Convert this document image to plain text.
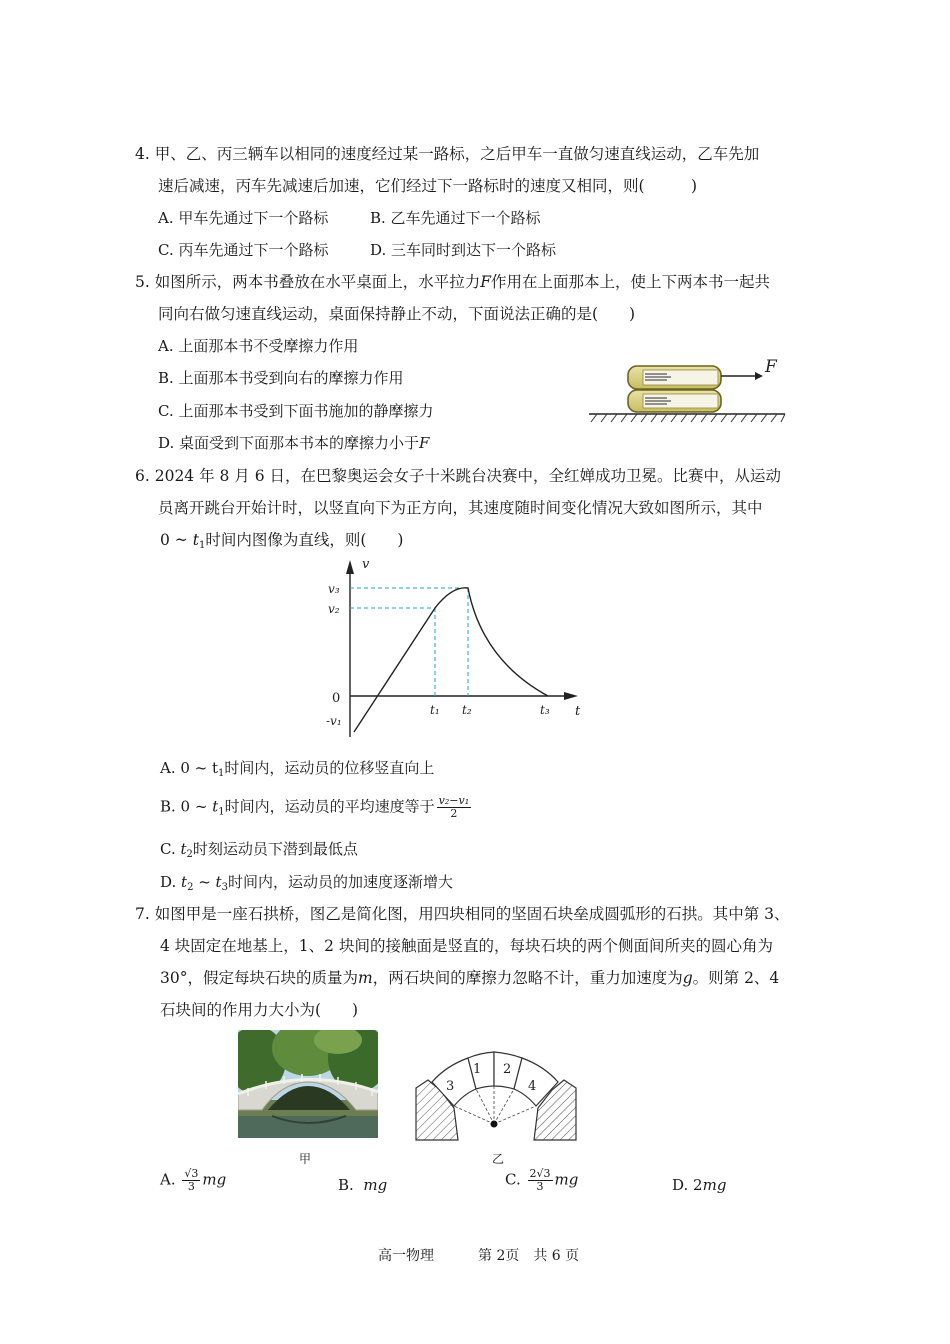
4. 甲、乙、丙三辆车以相同的速度经过某一路标，之后甲车一直做匀速直线运动，乙车先加
速后减速，丙车先减速后加速，它们经过下一路标时的速度又相同，则(　　　)
A. 甲车先通过下一个路标	B. 乙车先通过下一个路标
C. 丙车先通过下一个路标	D. 三车同时到达下一个路标
5. 如图所示，两本书叠放在水平桌面上，水平拉力F作用在上面那本上，使上下两本书一起共
同向右做匀速直线运动，桌面保持静止不动，下面说法正确的是(　　)
A. 上面那本书不受摩擦力作用
B. 上面那本书受到向右的摩擦力作用
C. 上面那本书受到下面书施加的静摩擦力
D. 桌面受到下面那本书本的摩擦力小于F
F
6. 2024 年 8 月 6 日，在巴黎奥运会女子十米跳台决赛中，全红婵成功卫冕。比赛中，从运动
员离开跳台开始计时，以竖直向下为正方向，其速度随时间变化情况大致如图所示，其中
0 ~ $t_1$时间内图像为直线，则(　　)
v
t
v₃
v₂
0
-v₁
t₁ t₂	t₃
A. 0 ~ $t_1$时间内，运动员的位移竖直向上
B. 0 ~ $t_1$时间内，运动员的平均速度等于 $\frac{\text{v₂−v₁}}{2}$
C. $t_2$时刻运动员下潜到最低点
D. $t_2$ ~ $t_3$时间内，运动员的加速度逐渐增大
7. 如图甲是一座石拱桥，图乙是简化图，用四块相同的坚固石块垒成圆弧形的石拱。其中第 3、
4 块固定在地基上，1、2 块间的接触面是竖直的，每块石块的两个侧面间所夹的圆心角为
30°，假定每块石块的质量为m，两石块间的摩擦力忽略不计，重力加速度为g。则第 2、4
石块间的作用力大小为(　　)
甲
3
1 2
4
乙
A. $\frac{√3}{3}$ mg	B. mg	C. $\frac{2√3}{3}$ mg	D. 2mg
高一物理	第 2页　共 6 页
